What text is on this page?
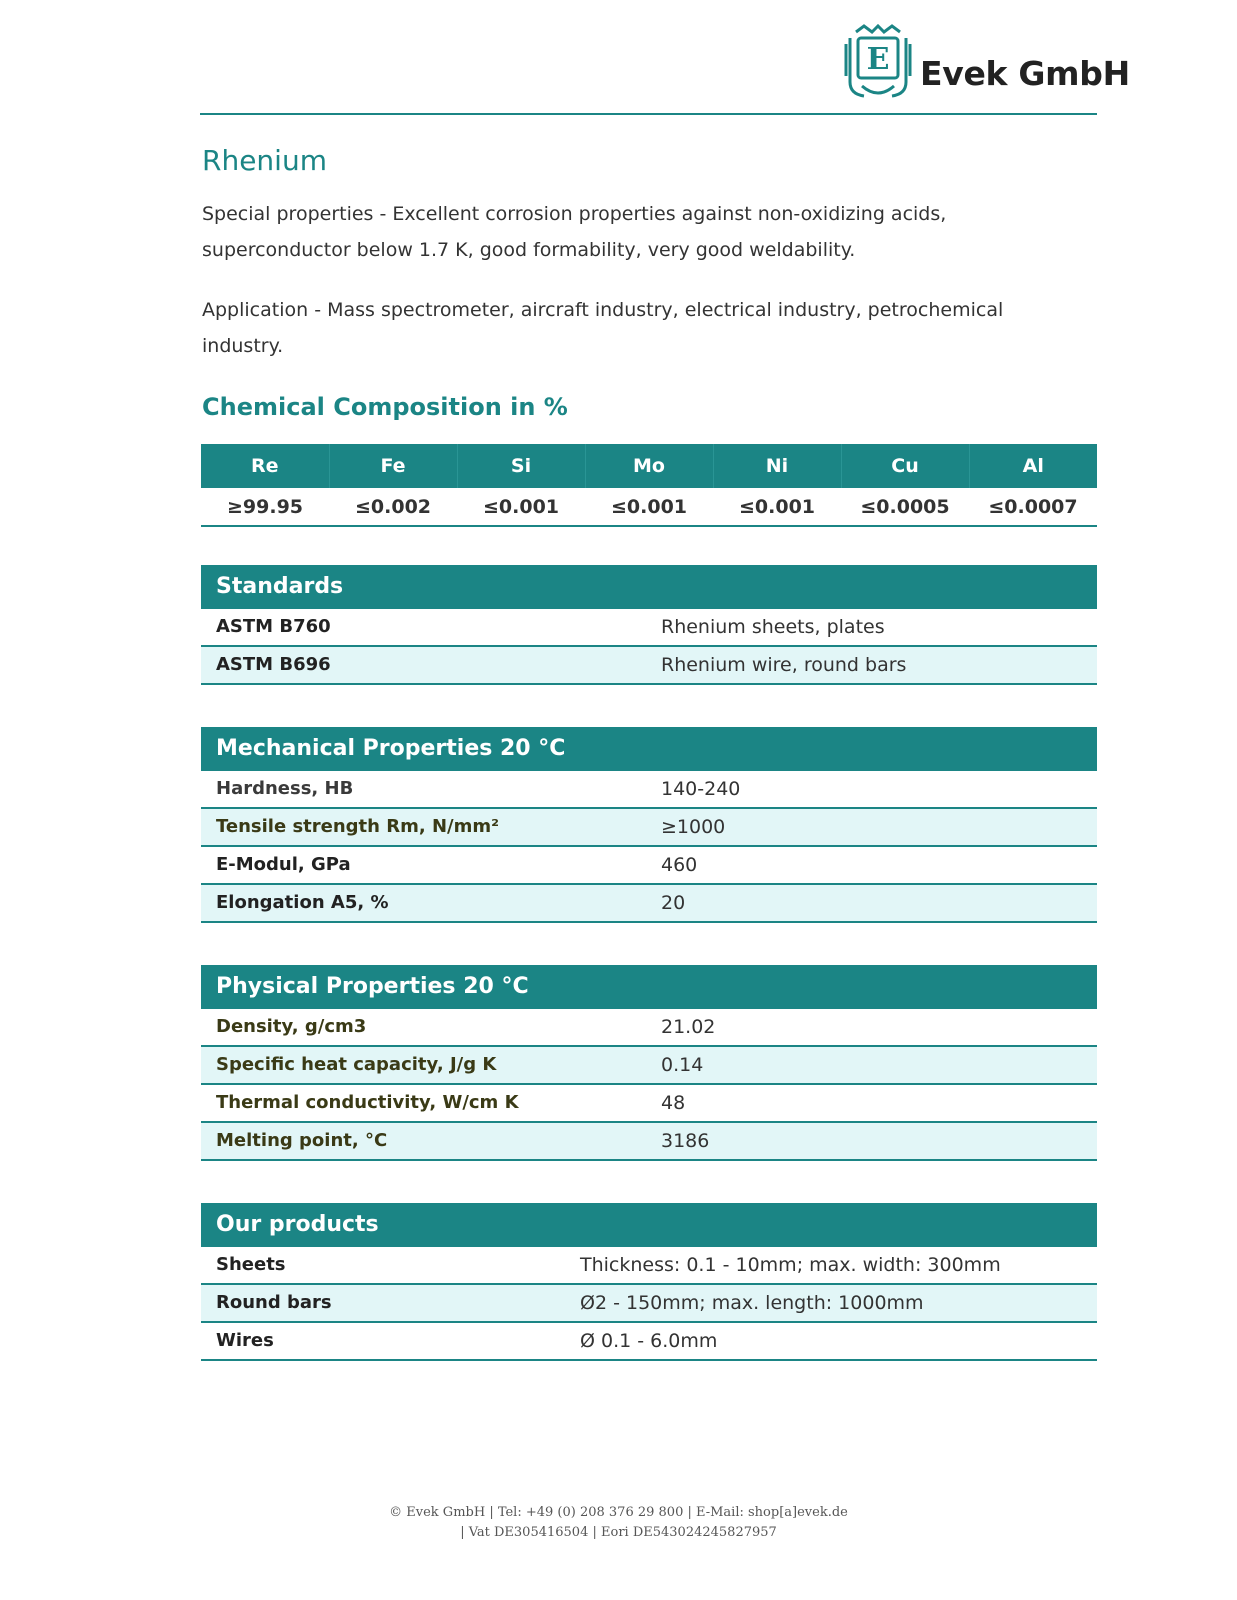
E Evek GmbH
Rhenium
Special properties - Excellent corrosion properties against non-oxidizing acids, superconductor below 1.7 K, good formability, very good weldability.
Application - Mass spectrometer, aircraft industry, electrical industry, petrochemical industry.
Chemical Composition in %
Re	Fe	Si	Mo	Ni	Cu	Al
≥99.95	≤0.002	≤0.001	≤0.001	≤0.001	≤0.0005	≤0.0007
Standards
ASTM B760	Rhenium sheets, plates
ASTM B696	Rhenium wire, round bars
Mechanical Properties 20 °C
Hardness, HB	140-240
Tensile strength Rm, N/mm²	≥1000
E-Modul, GPa	460
Elongation A5, %	20
Physical Properties 20 °C
Density, g/cm3	21.02
Specific heat capacity, J/g K	0.14
Thermal conductivity, W/cm K	48
Melting point, °C	3186
Our products
Sheets	Thickness: 0.1 - 10mm; max. width: 300mm
Round bars	Ø2 - 150mm; max. length: 1000mm
Wires	Ø 0.1 - 6.0mm
© Evek GmbH | Tel: +49 (0) 208 376 29 800 | E-Mail: shop[a]evek.de
| Vat DE305416504 | Eori DE543024245827957
